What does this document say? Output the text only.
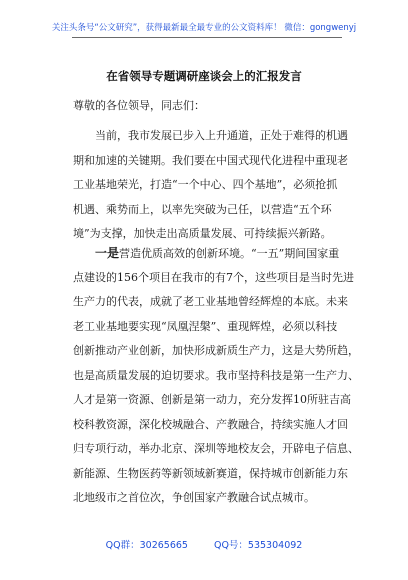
关注头条号“公文研究”，获得最新最全最专业的公文资料库！ 微信：gongwenyj
在省领导专题调研座谈会上的汇报发言
尊敬的各位领导，同志们：
当前，我市发展已步入上升通道，正处于难得的机遇
期和加速的关键期。我们要在中国式现代化进程中重现老
工业基地荣光，打造“一个中心、四个基地”，必须抢抓
机遇、乘势而上，以率先突破为己任，以营造“五个环
境”为支撑，加快走出高质量发展、可持续振兴新路。
一是营造优质高效的创新环境。“一五”期间国家重
点建设的156个项目在我市的有7个，这些项目是当时先进
生产力的代表，成就了老工业基地曾经辉煌的本底。未来
老工业基地要实现“凤凰涅槃”、重现辉煌，必须以科技
创新推动产业创新，加快形成新质生产力，这是大势所趋，
也是高质量发展的迫切要求。我市坚持科技是第一生产力、
人才是第一资源、创新是第一动力，充分发挥10所驻吉高
校科教资源，深化校城融合、产教融合，持续实施人才回
归专项行动，举办北京、深圳等地校友会，开辟电子信息、
新能源、生物医药等新领域新赛道，保持城市创新能力东
北地级市之首位次，争创国家产教融合试点城市。
QQ群：30265665	QQ号：535304092
